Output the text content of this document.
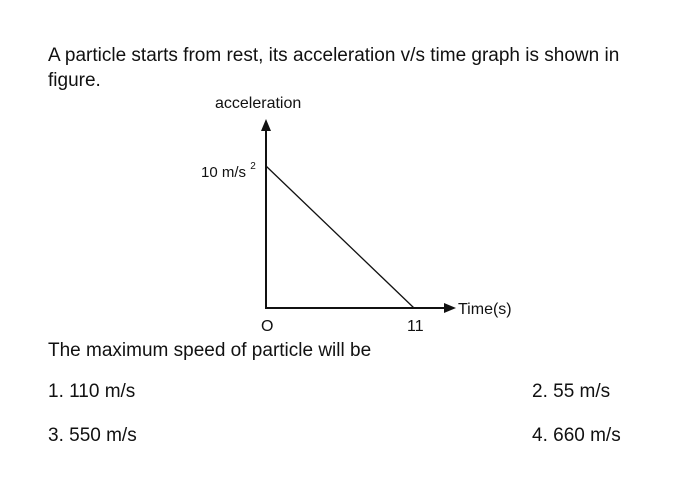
A particle starts from rest, its acceleration v/s time graph is shown in figure.
acceleration
10 m/s $^2$
O	11
Time(s)
The maximum speed of particle will be
1. 110 m/s	2. 55 m/s
3. 550 m/s	4. 660 m/s
